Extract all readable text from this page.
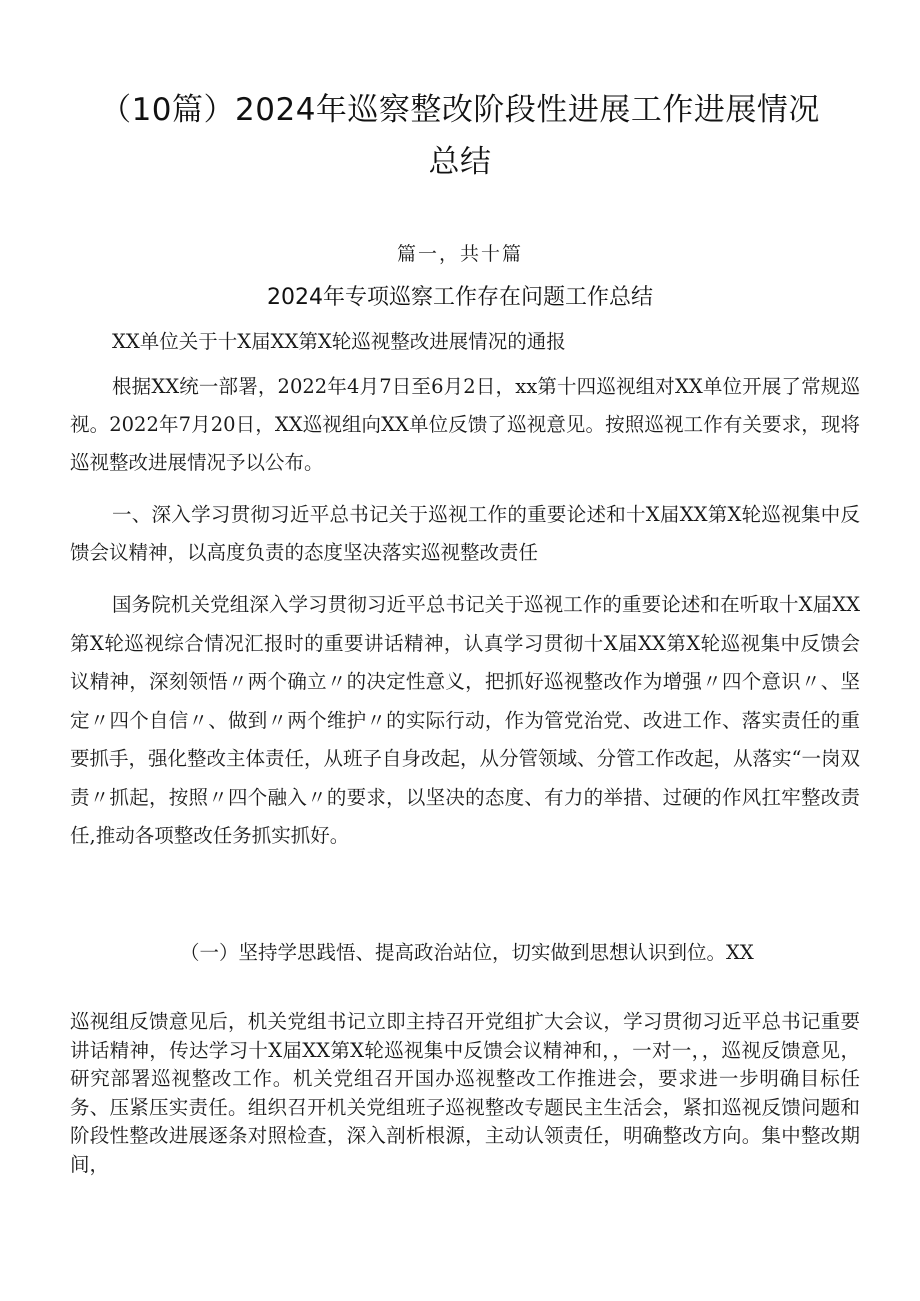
（10篇）2024年巡察整改阶段性进展工作进展情况总结
篇一，共十篇
2024年专项巡察工作存在问题工作总结

XX单位关于十X届XX第X轮巡视整改进展情况的通报

根据XX统一部署，2022年4月7日至6月2日，xx第十四巡视组对XX单位开展了常规巡视。2022年7月20日，XX巡视组向XX单位反馈了巡视意见。按照巡视工作有关要求，现将巡视整改进展情况予以公布。

一、深入学习贯彻习近平总书记关于巡视工作的重要论述和十X届XX第X轮巡视集中反馈会议精神，以高度负责的态度坚决落实巡视整改责任

国务院机关党组深入学习贯彻习近平总书记关于巡视工作的重要论述和在听取十X届XX第X轮巡视综合情况汇报时的重要讲话精神，认真学习贯彻十X届XX第X轮巡视集中反馈会议精神，深刻领悟〃两个确立〃的决定性意义，把抓好巡视整改作为增强〃四个意识〃、坚定〃四个自信〃、做到〃两个维护〃的实际行动，作为管党治党、改进工作、落实责任的重要抓手，强化整改主体责任，从班子自身改起，从分管领域、分管工作改起，从落实“一岗双责〃抓起，按照〃四个融入〃的要求，以坚决的态度、有力的举措、过硬的作风扛牢整改责任,推动各项整改任务抓实抓好。

（一）坚持学思践悟、提高政治站位，切实做到思想认识到位。XX

巡视组反馈意见后，机关党组书记立即主持召开党组扩大会议，学习贯彻习近平总书记重要讲话精神，传达学习十X届XX第X轮巡视集中反馈会议精神和，，一对一，，巡视反馈意见，研究部署巡视整改工作。机关党组召开国办巡视整改工作推进会，要求进一步明确目标任务、压紧压实责任。组织召开机关党组班子巡视整改专题民主生活会，紧扣巡视反馈问题和阶段性整改进展逐条对照检查，深入剖析根源，主动认领责任，明确整改方向。集中整改期间，
